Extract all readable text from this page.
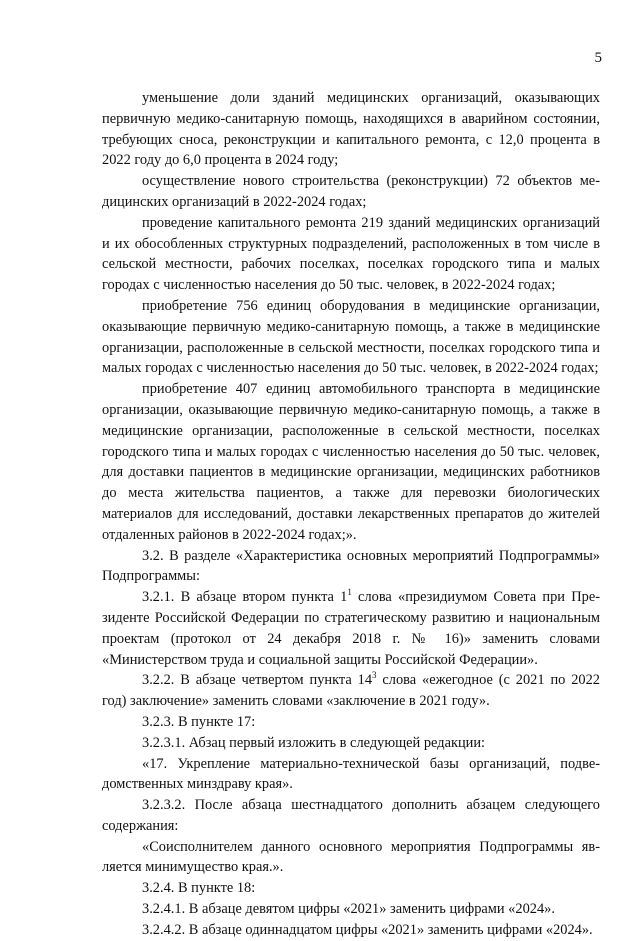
5

уменьшение доли зданий медицинских организаций, оказывающих первичную медико-санитарную помощь, находящихся в аварийном состоянии, требующих сноса, реконструкции и капитального ремонта, с 12,0 процента в 2022 году до 6,0 процента в 2024 году;

осуществление нового строительства (реконструкции) 72 объектов медицинских организаций в 2022-2024 годах;

проведение капитального ремонта 219 зданий медицинских организаций и их обособленных структурных подразделений, расположенных в том числе в сельской местности, рабочих поселках, поселках городского типа и малых городах с численностью населения до 50 тыс. человек, в 2022-2024 годах;

приобретение 756 единиц оборудования в медицинские организации, оказывающие первичную медико-санитарную помощь, а также в медицинские организации, расположенные в сельской местности, поселках городского типа и малых городах с численностью населения до 50 тыс. человек, в 2022-2024 годах;

приобретение 407 единиц автомобильного транспорта в медицинские организации, оказывающие первичную медико-санитарную помощь, а также в медицинские организации, расположенные в сельской местности, поселках городского типа и малых городах с численностью населения до 50 тыс. человек, для доставки пациентов в медицинские организации, медицинских работников до места жительства пациентов, а также для перевозки биологических материалов для исследований, доставки лекарственных препаратов до жителей отдаленных районов в 2022-2024 годах;».

3.2. В разделе «Характеристика основных мероприятий Подпрограммы» Подпрограммы:

3.2.1. В абзаце втором пункта $1^1$ слова «президиумом Совета при Президенте Российской Федерации по стратегическому развитию и национальным проектам (протокол от 24 декабря 2018 г. № 16)» заменить словами «Министерством труда и социальной защиты Российской Федерации».

3.2.2. В абзаце четвертом пункта $14^3$ слова «ежегодное (с 2021 по 2022 год) заключение» заменить словами «заключение в 2021 году».

3.2.3. В пункте 17:

3.2.3.1. Абзац первый изложить в следующей редакции:

«17. Укрепление материально-технической базы организаций, подведомственных минздраву края».

3.2.3.2. После абзаца шестнадцатого дополнить абзацем следующего содержания:

«Соисполнителем данного основного мероприятия Подпрограммы является минимущество края.».

3.2.4. В пункте 18:

3.2.4.1. В абзаце девятом цифры «2021» заменить цифрами «2024».

3.2.4.2. В абзаце одиннадцатом цифры «2021» заменить цифрами «2024».
